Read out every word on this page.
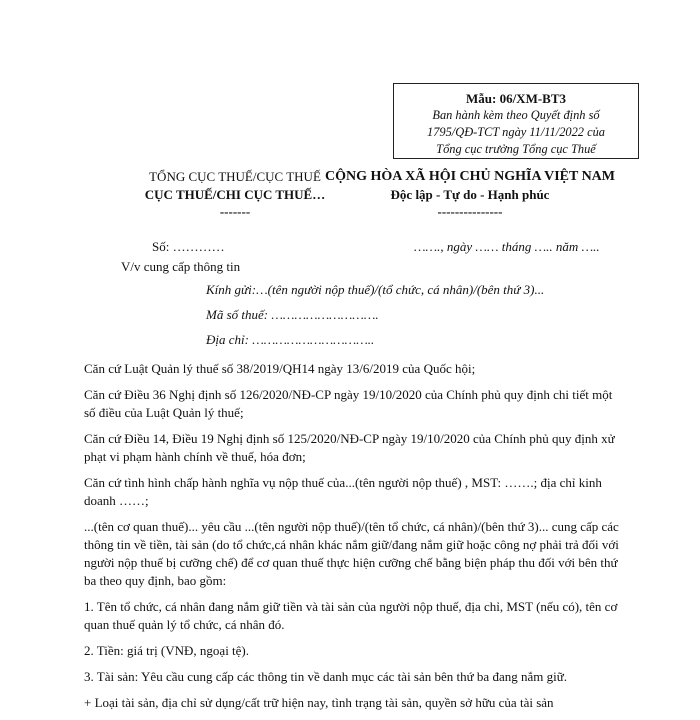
Mẫu: 06/XM-BT3
Ban hành kèm theo Quyết định số
1795/QĐ-TCT ngày 11/11/2022 của
Tổng cục trưởng Tổng cục Thuế
TỔNG CỤC THUẾ/CỤC THUẾ
CỤC THUẾ/CHI CỤC THUẾ…
-------
CỘNG HÒA XÃ HỘI CHỦ NGHĨA VIỆT NAM
Độc lập - Tự do - Hạnh phúc
---------------
Số: …………	……., ngày …… tháng ….. năm …..
V/v cung cấp thông tin
Kính gửi:…(tên người nộp thuế)/(tổ chức, cá nhân)/(bên thứ 3)...
Mã số thuế: ……………………….
Địa chỉ: …………………………..

Căn cứ Luật Quản lý thuế số 38/2019/QH14 ngày 13/6/2019 của Quốc hội;

Căn cứ Điều 36 Nghị định số 126/2020/NĐ-CP ngày 19/10/2020 của Chính phủ quy định chi tiết một số điều của Luật Quản lý thuế;

Căn cứ Điều 14, Điều 19 Nghị định số 125/2020/NĐ-CP ngày 19/10/2020 của Chính phủ quy định xử phạt vi phạm hành chính về thuế, hóa đơn;

Căn cứ tình hình chấp hành nghĩa vụ nộp thuế của...(tên người nộp thuế) , MST: …….; địa chỉ kinh doanh ……;

...(tên cơ quan thuế)... yêu cầu ...(tên người nộp thuế)/(tên tổ chức, cá nhân)/(bên thứ 3)... cung cấp các thông tin về tiền, tài sản (do tổ chức,cá nhân khác nắm giữ/đang nắm giữ hoặc công nợ phải trả đối với người nộp thuế bị cưỡng chế) để cơ quan thuế thực hiện cưỡng chế bằng biện pháp thu đối với bên thứ ba theo quy định, bao gồm:

1. Tên tổ chức, cá nhân đang nắm giữ tiền và tài sản của người nộp thuế, địa chỉ, MST (nếu có), tên cơ quan thuế quản lý tổ chức, cá nhân đó.

2. Tiền: giá trị (VNĐ, ngoại tệ).

3. Tài sản: Yêu cầu cung cấp các thông tin về danh mục các tài sản bên thứ ba đang nắm giữ.

+ Loại tài sản, địa chỉ sử dụng/cất trữ hiện nay, tình trạng tài sản, quyền sở hữu của tài sản
